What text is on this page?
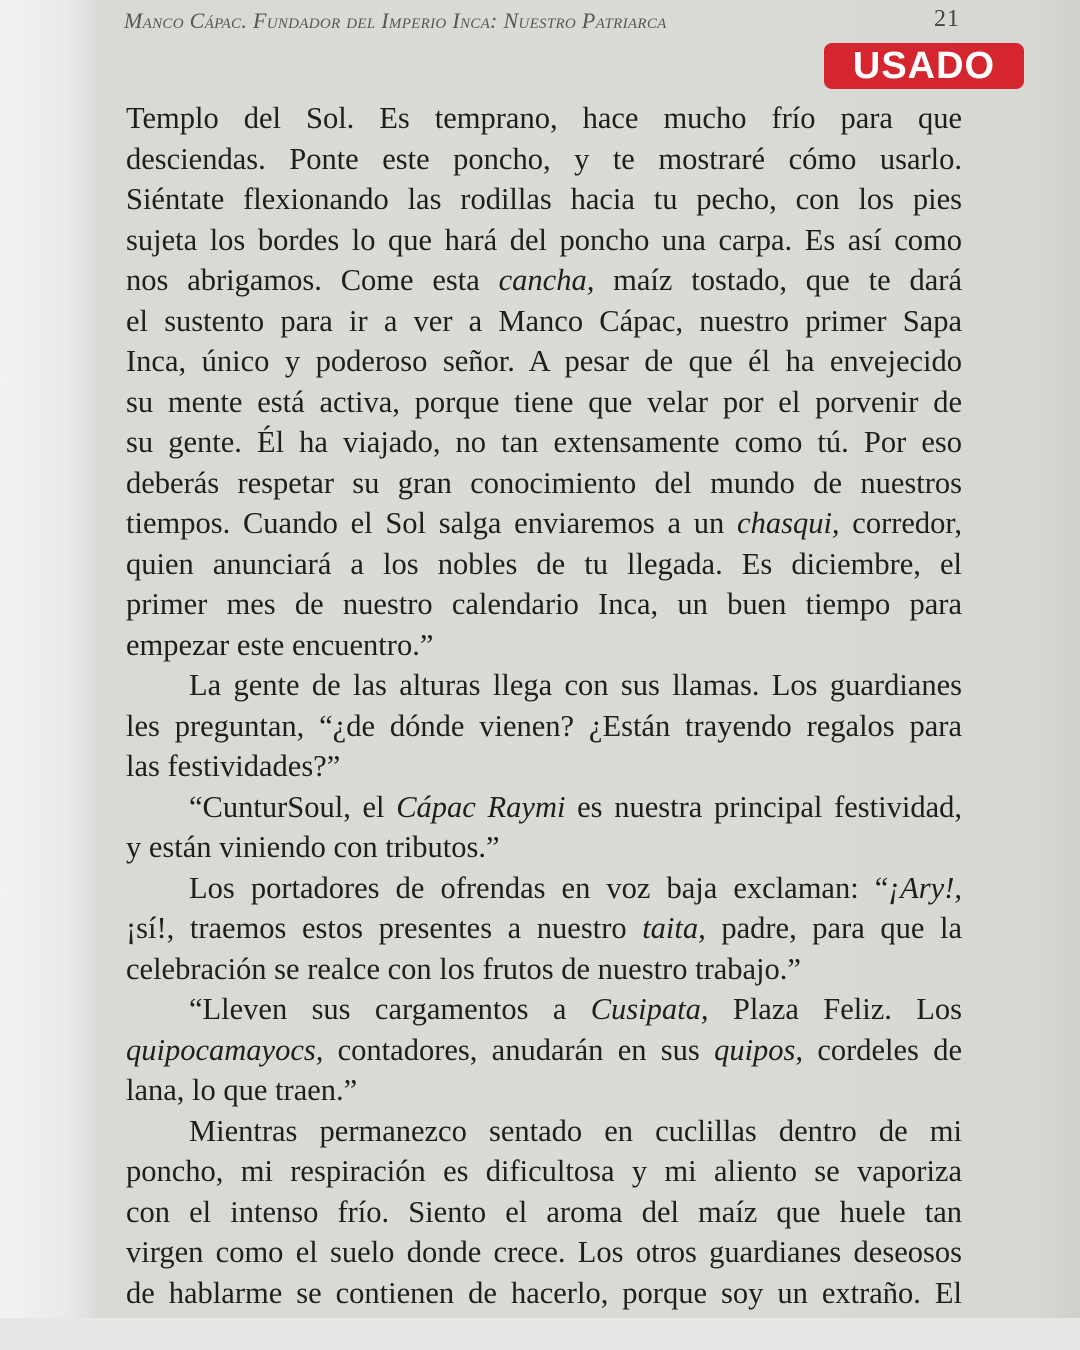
Manco Cápac. Fundador del Imperio Inca: Nuestro Patriarca	21
USADO
Templo del Sol. Es temprano, hace mucho frío para que
desciendas. Ponte este poncho, y te mostraré cómo usarlo.
Siéntate flexionando las rodillas hacia tu pecho, con los pies
sujeta los bordes lo que hará del poncho una carpa. Es así como
nos abrigamos. Come esta cancha, maíz tostado, que te dará
el sustento para ir a ver a Manco Cápac, nuestro primer Sapa
Inca, único y poderoso señor. A pesar de que él ha envejecido
su mente está activa, porque tiene que velar por el porvenir de
su gente. Él ha viajado, no tan extensamente como tú. Por eso
deberás respetar su gran conocimiento del mundo de nuestros
tiempos. Cuando el Sol salga enviaremos a un chasqui, corredor,
quien anunciará a los nobles de tu llegada. Es diciembre, el
primer mes de nuestro calendario Inca, un buen tiempo para
empezar este encuentro.”
La gente de las alturas llega con sus llamas. Los guardianes
les preguntan, “¿de dónde vienen? ¿Están trayendo regalos para
las festividades?”
“CunturSoul, el Cápac Raymi es nuestra principal festividad,
y están viniendo con tributos.”
Los portadores de ofrendas en voz baja exclaman: “¡Ary!,
¡sí!, traemos estos presentes a nuestro taita, padre, para que la
celebración se realce con los frutos de nuestro trabajo.”
“Lleven sus cargamentos a Cusipata, Plaza Feliz. Los
quipocamayocs, contadores, anudarán en sus quipos, cordeles de
lana, lo que traen.”
Mientras permanezco sentado en cuclillas dentro de mi
poncho, mi respiración es dificultosa y mi aliento se vaporiza
con el intenso frío. Siento el aroma del maíz que huele tan
virgen como el suelo donde crece. Los otros guardianes deseosos
de hablarme se contienen de hacerlo, porque soy un extraño. El
